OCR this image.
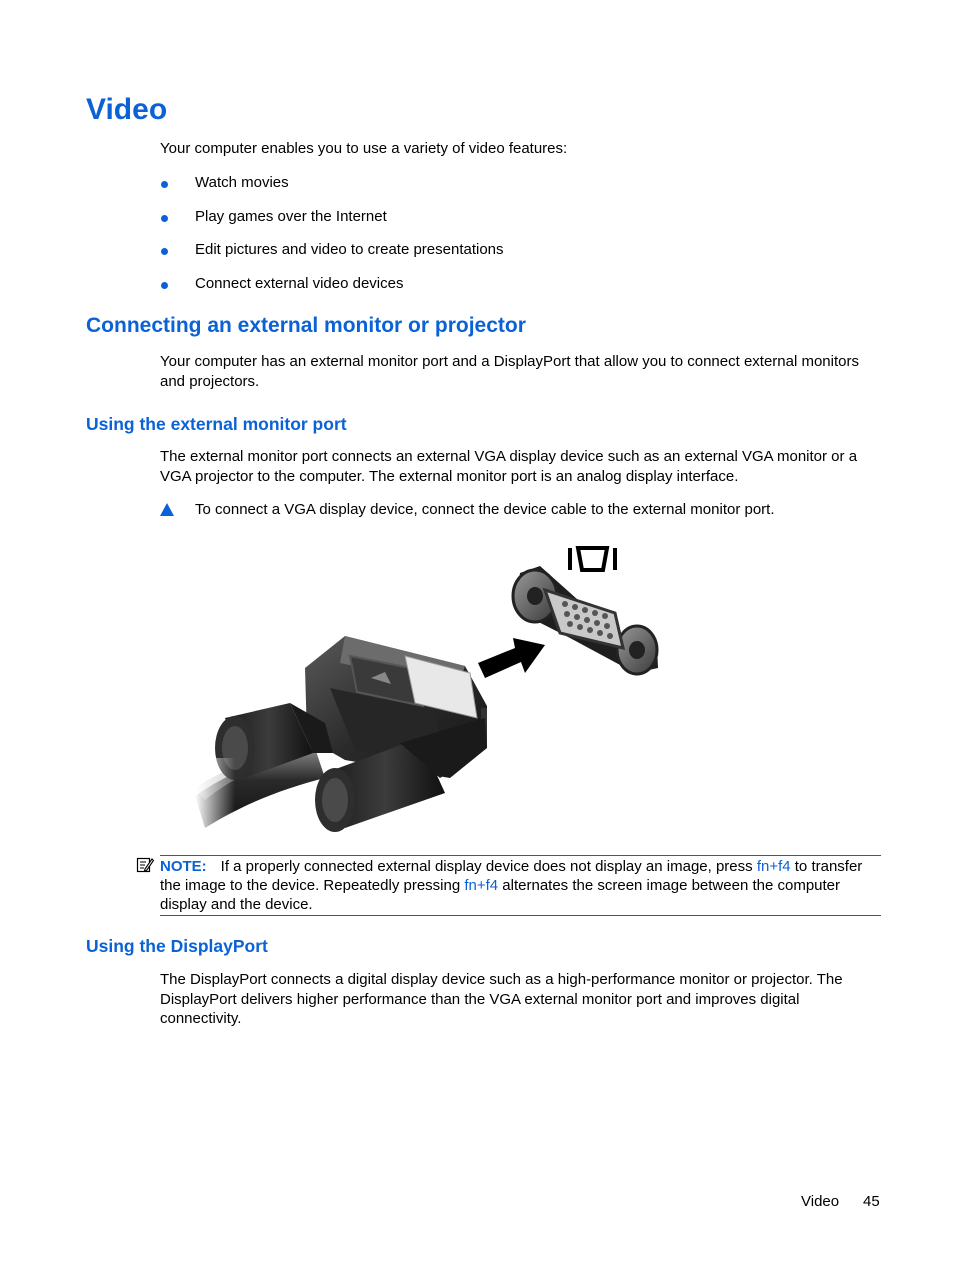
Video

Your computer enables you to use a variety of video features:

Watch movies
Play games over the Internet
Edit pictures and video to create presentations
Connect external video devices
Connecting an external monitor or projector

Your computer has an external monitor port and a DisplayPort that allow you to connect external monitors and projectors.

Using the external monitor port

The external monitor port connects an external VGA display device such as an external VGA monitor or a VGA projector to the computer. The external monitor port is an analog display interface.

To connect a VGA display device, connect the device cable to the external monitor port.

NOTE: If a properly connected external display device does not display an image, press fn+f4 to transfer the image to the device. Repeatedly pressing fn+f4 alternates the screen image between the computer display and the device.

Using the DisplayPort

The DisplayPort connects a digital display device such as a high-performance monitor or projector. The DisplayPort delivers higher performance than the VGA external monitor port and improves digital connectivity.

Video 45
